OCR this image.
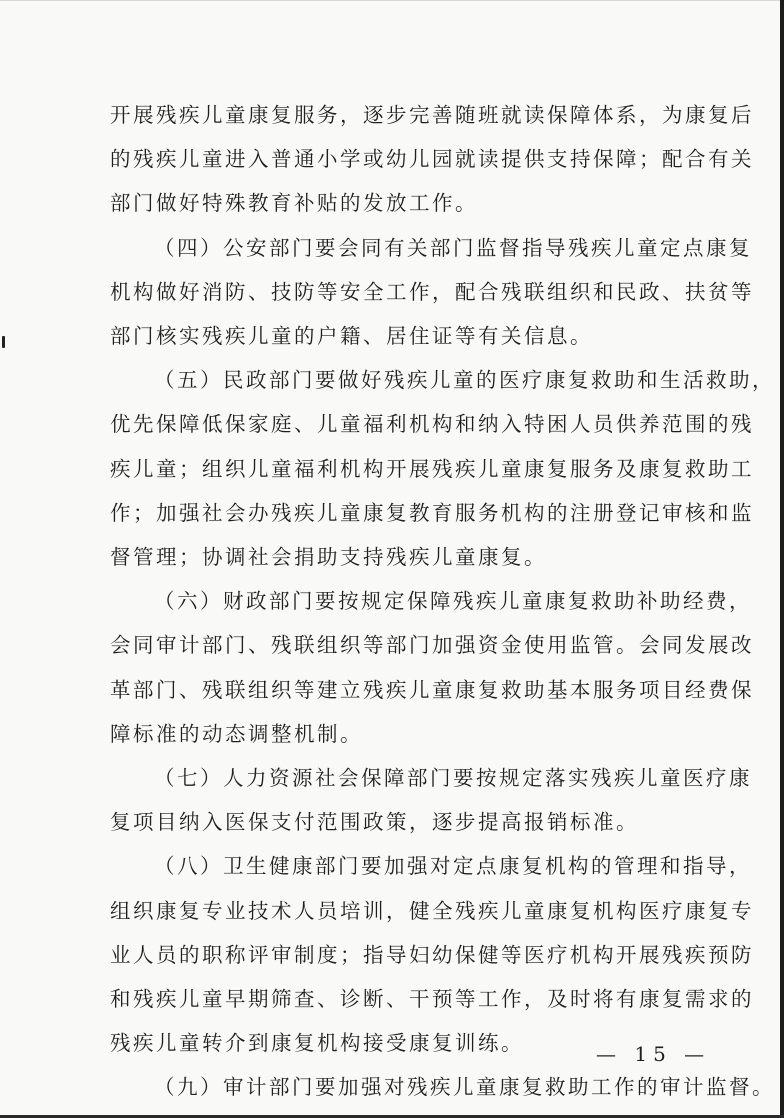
开展残疾儿童康复服务，逐步完善随班就读保障体系，为康复后

的残疾儿童进入普通小学或幼儿园就读提供支持保障；配合有关

部门做好特殊教育补贴的发放工作。

（四）公安部门要会同有关部门监督指导残疾儿童定点康复

机构做好消防、技防等安全工作，配合残联组织和民政、扶贫等

部门核实残疾儿童的户籍、居住证等有关信息。

（五）民政部门要做好残疾儿童的医疗康复救助和生活救助，

优先保障低保家庭、儿童福利机构和纳入特困人员供养范围的残

疾儿童；组织儿童福利机构开展残疾儿童康复服务及康复救助工

作；加强社会办残疾儿童康复教育服务机构的注册登记审核和监

督管理；协调社会捐助支持残疾儿童康复。

（六）财政部门要按规定保障残疾儿童康复救助补助经费，

会同审计部门、残联组织等部门加强资金使用监管。会同发展改

革部门、残联组织等建立残疾儿童康复救助基本服务项目经费保

障标准的动态调整机制。

（七）人力资源社会保障部门要按规定落实残疾儿童医疗康

复项目纳入医保支付范围政策，逐步提高报销标准。

（八）卫生健康部门要加强对定点康复机构的管理和指导，

组织康复专业技术人员培训，健全残疾儿童康复机构医疗康复专

业人员的职称评审制度；指导妇幼保健等医疗机构开展残疾预防

和残疾儿童早期筛查、诊断、干预等工作，及时将有康复需求的

残疾儿童转介到康复机构接受康复训练。

（九）审计部门要加强对残疾儿童康复救助工作的审计监督。

— 15 —
